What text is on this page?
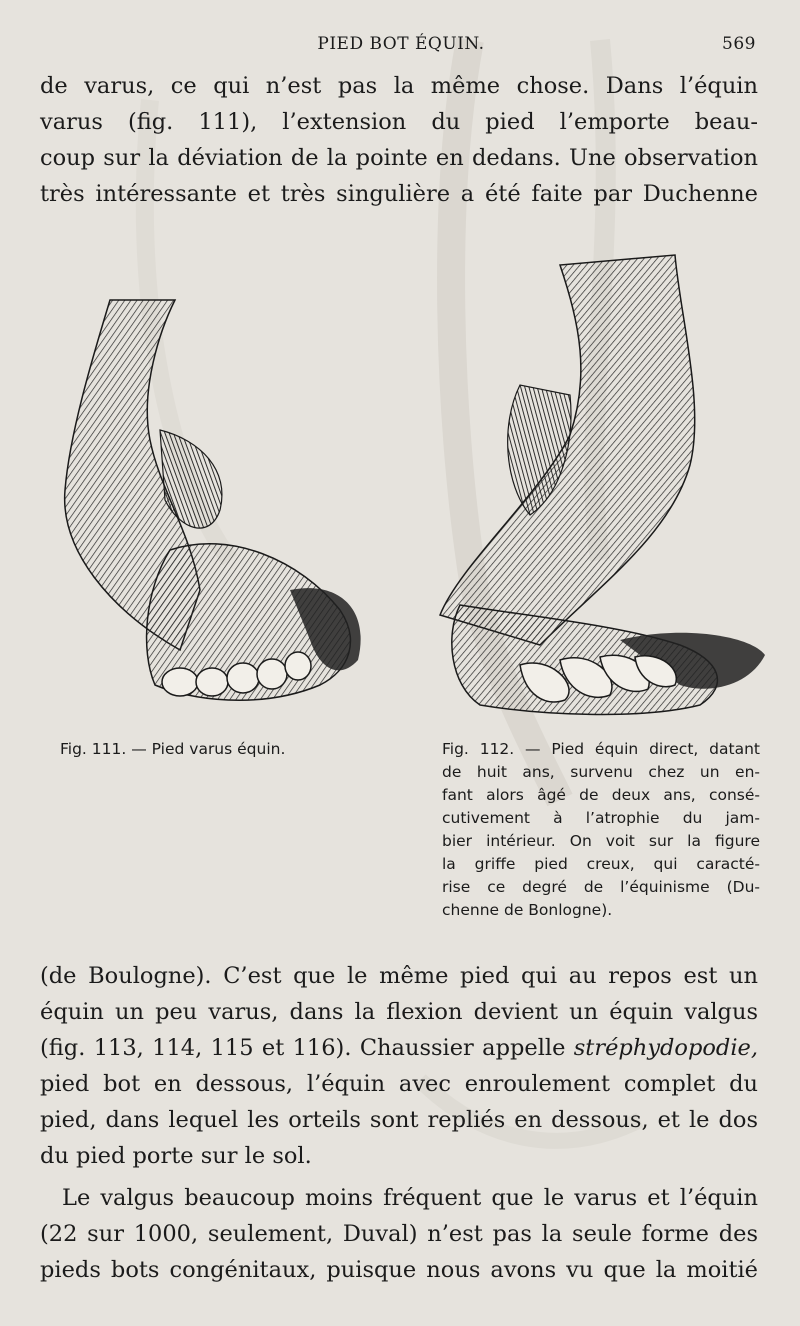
PIED BOT ÉQUIN.	569
de varus, ce qui n’est pas la même chose. Dans l’équin
varus (fig. 111), l’extension du pied l’emporte beau-
coup sur la déviation de la pointe en dedans. Une observation
très intéressante et très singulière a été faite par Duchenne
Fig. 111. — Pied varus équin.	Fig. 112. — Pied équin direct, datant
de huit ans, survenu chez un en-
fant alors âgé de deux ans, consé-
cutivement à l’atrophie du jam-
bier intérieur. On voit sur la figure
la griffe pied creux, qui caracté-
rise ce degré de l’équinisme (Du-
chenne de Bonlogne).
(de Boulogne). C’est que le même pied qui au repos est un
équin un peu varus, dans la flexion devient un équin valgus
(fig. 113, 114, 115 et 116). Chaussier appelle stréphydopodie,
pied bot en dessous, l’équin avec enroulement complet du
pied, dans lequel les orteils sont repliés en dessous, et le dos
du pied porte sur le sol.
Le valgus beaucoup moins fréquent que le varus et l’équin
(22 sur 1000, seulement, Duval) n’est pas la seule forme des
pieds bots congénitaux, puisque nous avons vu que la moitié
